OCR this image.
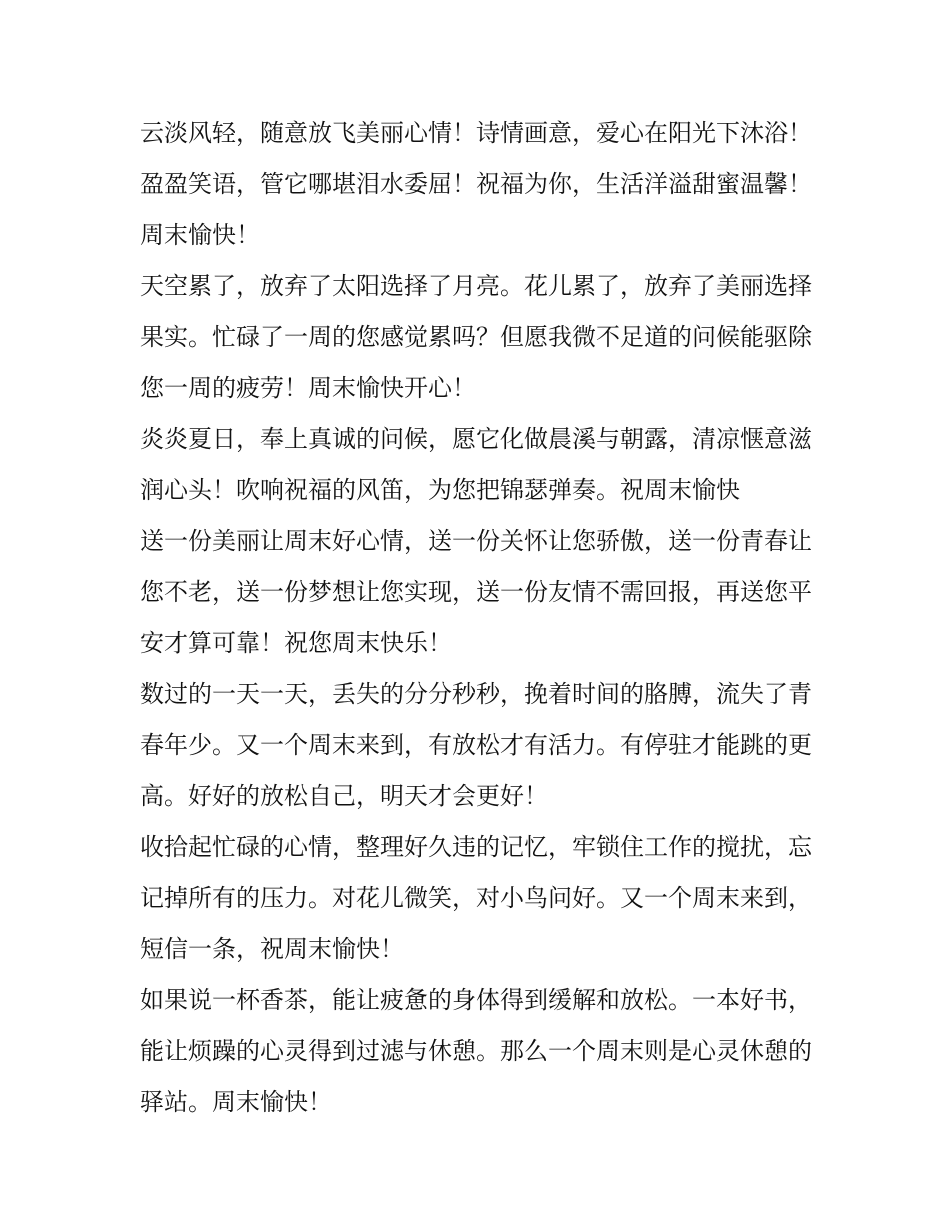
云淡风轻，随意放飞美丽心情！诗情画意，爱心在阳光下沐浴！盈盈笑语，管它哪堪泪水委屈！祝福为你，生活洋溢甜蜜温馨！周末愉快！

天空累了，放弃了太阳选择了月亮。花儿累了，放弃了美丽选择果实。忙碌了一周的您感觉累吗？但愿我微不足道的问候能驱除您一周的疲劳！周末愉快开心！

炎炎夏日，奉上真诚的问候，愿它化做晨溪与朝露，清凉惬意滋润心头！吹响祝福的风笛，为您把锦瑟弹奏。祝周末愉快

送一份美丽让周末好心情，送一份关怀让您骄傲，送一份青春让您不老，送一份梦想让您实现，送一份友情不需回报，再送您平安才算可靠！祝您周末快乐！

数过的一天一天，丢失的分分秒秒，挽着时间的胳膊，流失了青春年少。又一个周末来到，有放松才有活力。有停驻才能跳的更高。好好的放松自己，明天才会更好！

收拾起忙碌的心情，整理好久违的记忆，牢锁住工作的搅扰，忘记掉所有的压力。对花儿微笑，对小鸟问好。又一个周末来到，短信一条，祝周末愉快！

如果说一杯香茶，能让疲惫的身体得到缓解和放松。一本好书，能让烦躁的心灵得到过滤与休憩。那么一个周末则是心灵休憩的驿站。周末愉快！
